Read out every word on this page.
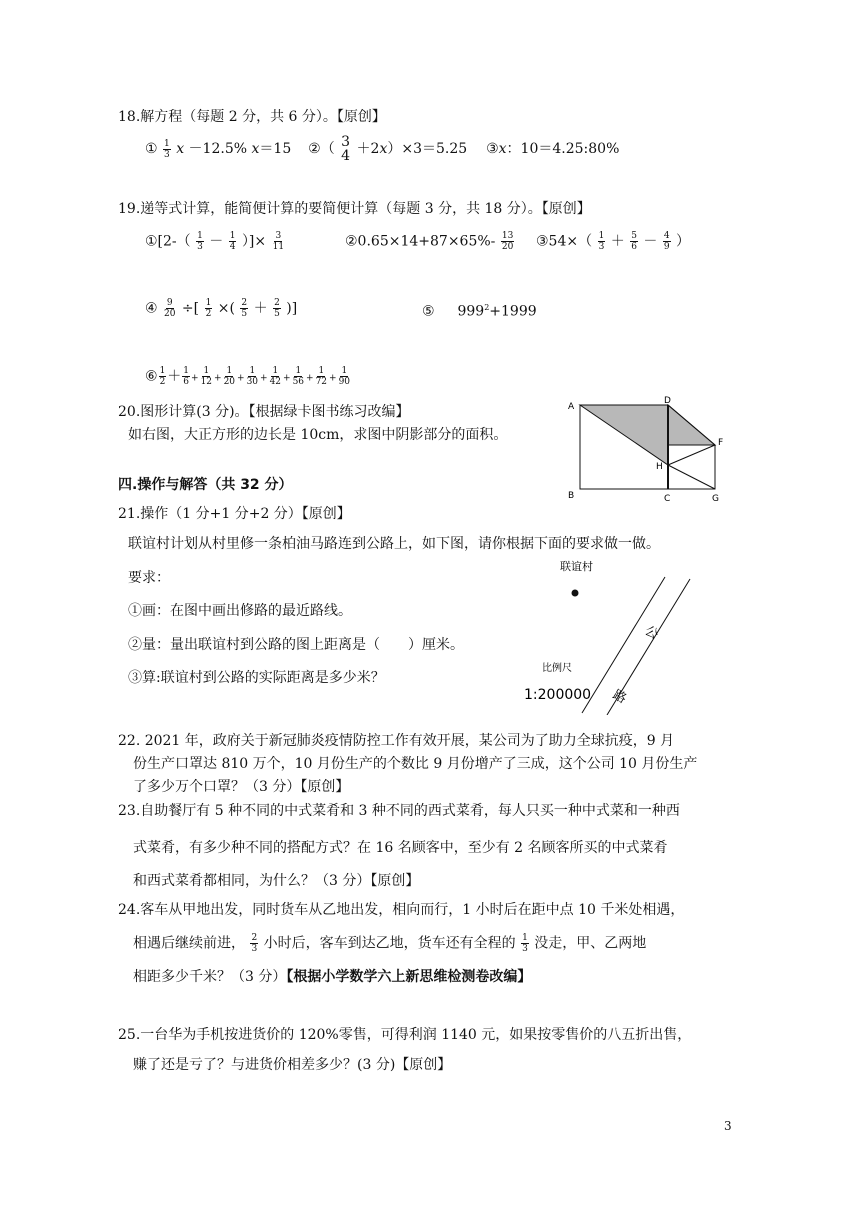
18.解方程（每题 2 分，共 6 分）。【原创】
① $\frac{1}{3}$ x －12.5% x＝15 ②（ 3
4 ＋2x）×3＝5.25 ③x：10＝4.25:80%
19.递等式计算，能简便计算的要简便计算（每题 3 分，共 18 分）。【原创】
①[2-（ $\frac{1}{3} - \frac{1}{4}$ ）]× $\frac{3}{11}$	②0.65×14+87×65%- $\frac{13}{20}$ ③54×（ $\frac{1}{3} + \frac{5}{6} - \frac{4}{9}$ ）
④ $\frac{9}{20}$ ÷[ $\frac{1}{2}$ ×( $\frac{2}{5} + \frac{2}{5}$ )]	⑤ $999^2+1999$
⑥ $\frac{1}{2} + \frac{1}{6} + \frac{1}{12} + \frac{1}{20} + \frac{1}{30} + \frac{1}{42} + \frac{1}{56} + \frac{1}{72} + \frac{1}{90}$
20.图形计算(3 分)。【根据绿卡图书练习改编】
如右图，大正方形的边长是 10cm，求图中阴影部分的面积。
A
B	C
D
F
G
H
四.操作与解答（共 32 分）
21.操作（1 分+1 分+2 分）【原创】
联谊村计划从村里修一条柏油马路连到公路上，如下图，请你根据下面的要求做一做。
要求：
①画：在图中画出修路的最近路线。
②量：量出联谊村到公路的图上距离是（　　）厘米。
③算:联谊村到公路的实际距离是多少米？
联谊村
公
路
比例尺
1:200000
22. 2021 年，政府关于新冠肺炎疫情防控工作有效开展，某公司为了助力全球抗疫，9 月
份生产口罩达 810 万个，10 月份生产的个数比 9 月份增产了三成，这个公司 10 月份生产
了多少万个口罩？（3 分）【原创】
23.自助餐厅有 5 种不同的中式菜肴和 3 种不同的西式菜肴，每人只买一种中式菜和一种西
式菜肴，有多少种不同的搭配方式？在 16 名顾客中，至少有 2 名顾客所买的中式菜肴
和西式菜肴都相同，为什么？（3 分）【原创】
24.客车从甲地出发，同时货车从乙地出发，相向而行，1 小时后在距中点 10 千米处相遇，
相遇后继续前进， $\frac{2}{3}$ 小时后，客车到达乙地，货车还有全程的 $\frac{1}{3}$ 没走，甲、乙两地
相距多少千米？（3 分）【根据小学数学六上新思维检测卷改编】
25.一台华为手机按进货价的 120%零售，可得利润 1140 元，如果按零售价的八五折出售，
赚了还是亏了？与进货价相差多少？(3 分)【原创】
3
